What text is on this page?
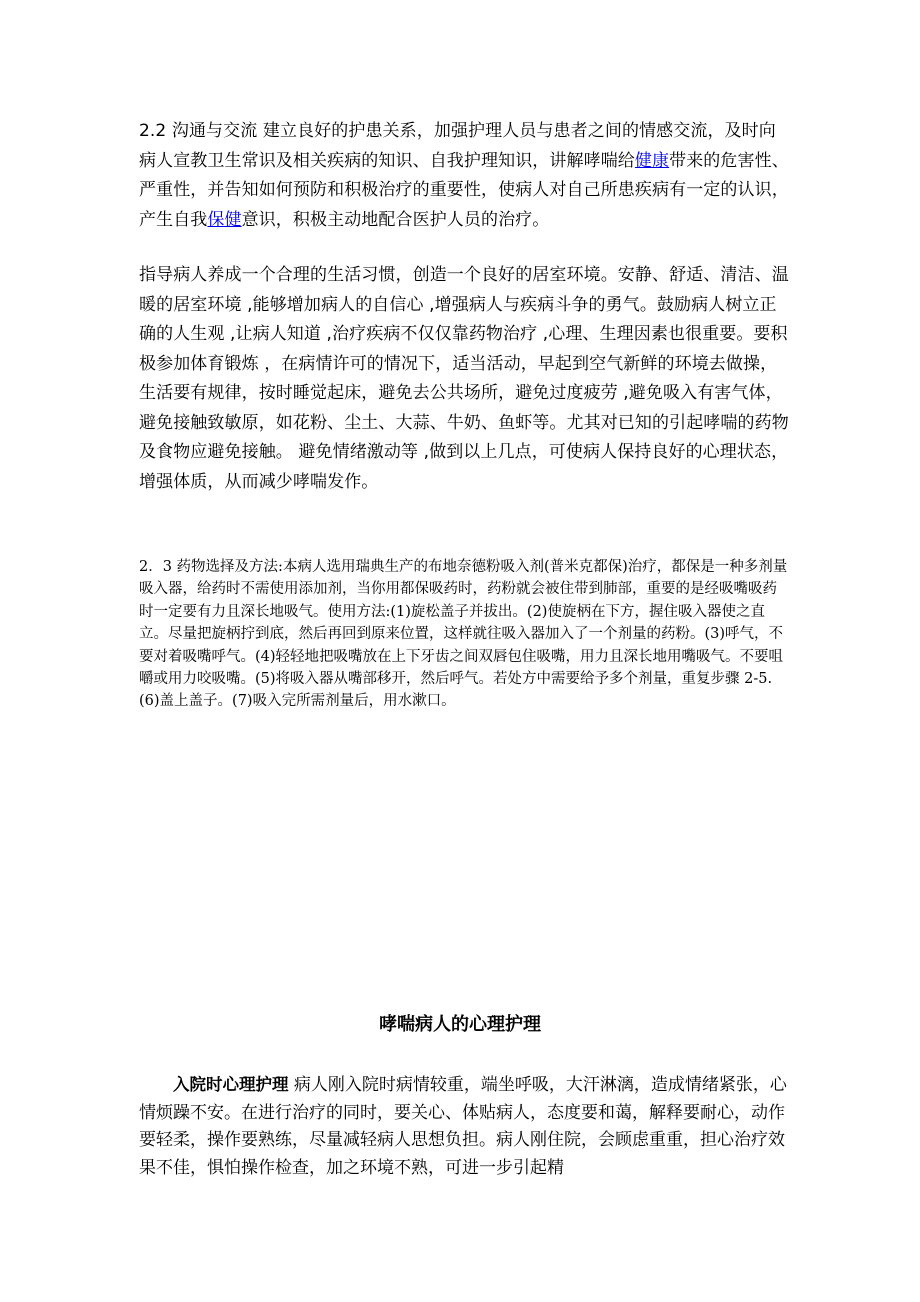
2.2 沟通与交流 建立良好的护患关系，加强护理人员与患者之间的情感交流，及时向病人宣教卫生常识及相关疾病的知识、自我护理知识，讲解哮喘给健康带来的危害性、严重性，并告知如何预防和积极治疗的重要性，使病人对自己所患疾病有一定的认识，产生自我保健意识，积极主动地配合医护人员的治疗。

指导病人养成一个合理的生活习惯，创造一个良好的居室环境。安静、舒适、清洁、温暖的居室环境 ,能够增加病人的自信心 ,增强病人与疾病斗争的勇气。鼓励病人树立正确的人生观 ,让病人知道 ,治疗疾病不仅仅靠药物治疗 ,心理、生理因素也很重要。要积极参加体育锻炼 ，在病情许可的情况下，适当活动，早起到空气新鲜的环境去做操，生活要有规律，按时睡觉起床，避免去公共场所，避免过度疲劳 ,避免吸入有害气体，避免接触致敏原，如花粉、尘土、大蒜、牛奶、鱼虾等。尤其对已知的引起哮喘的药物及食物应避免接触。 避免情绪激动等 ,做到以上几点，可使病人保持良好的心理状态，增强体质，从而减少哮喘发作。

2．3 药物选择及方法:本病人选用瑞典生产的布地奈德粉吸入剂(普米克都保)治疗，都保是一种多剂量吸入器，给药时不需使用添加剂，当你用都保吸药时，药粉就会被住带到肺部，重要的是经吸嘴吸药时一定要有力且深长地吸气。使用方法:(1)旋松盖子并拔出。(2)使旋柄在下方，握住吸入器使之直立。尽量把旋柄拧到底，然后再回到原来位置，这样就往吸入器加入了一个剂量的药粉。(3)呼气，不要对着吸嘴呼气。(4)轻轻地把吸嘴放在上下牙齿之间双唇包住吸嘴，用力且深长地用嘴吸气。不要咀嚼或用力咬吸嘴。(5)将吸入器从嘴部移开，然后呼气。若处方中需要给予多个剂量，重复步骤 2-5.(6)盖上盖子。(7)吸入完所需剂量后，用水漱口。

哮喘病人的心理护理

入院时心理护理 病人刚入院时病情较重，端坐呼吸，大汗淋漓，造成情绪紧张，心情烦躁不安。在进行治疗的同时，要关心、体贴病人，态度要和蔼，解释要耐心，动作要轻柔，操作要熟练，尽量减轻病人思想负担。病人刚住院，会顾虑重重，担心治疗效果不佳，惧怕操作检查，加之环境不熟，可进一步引起精
